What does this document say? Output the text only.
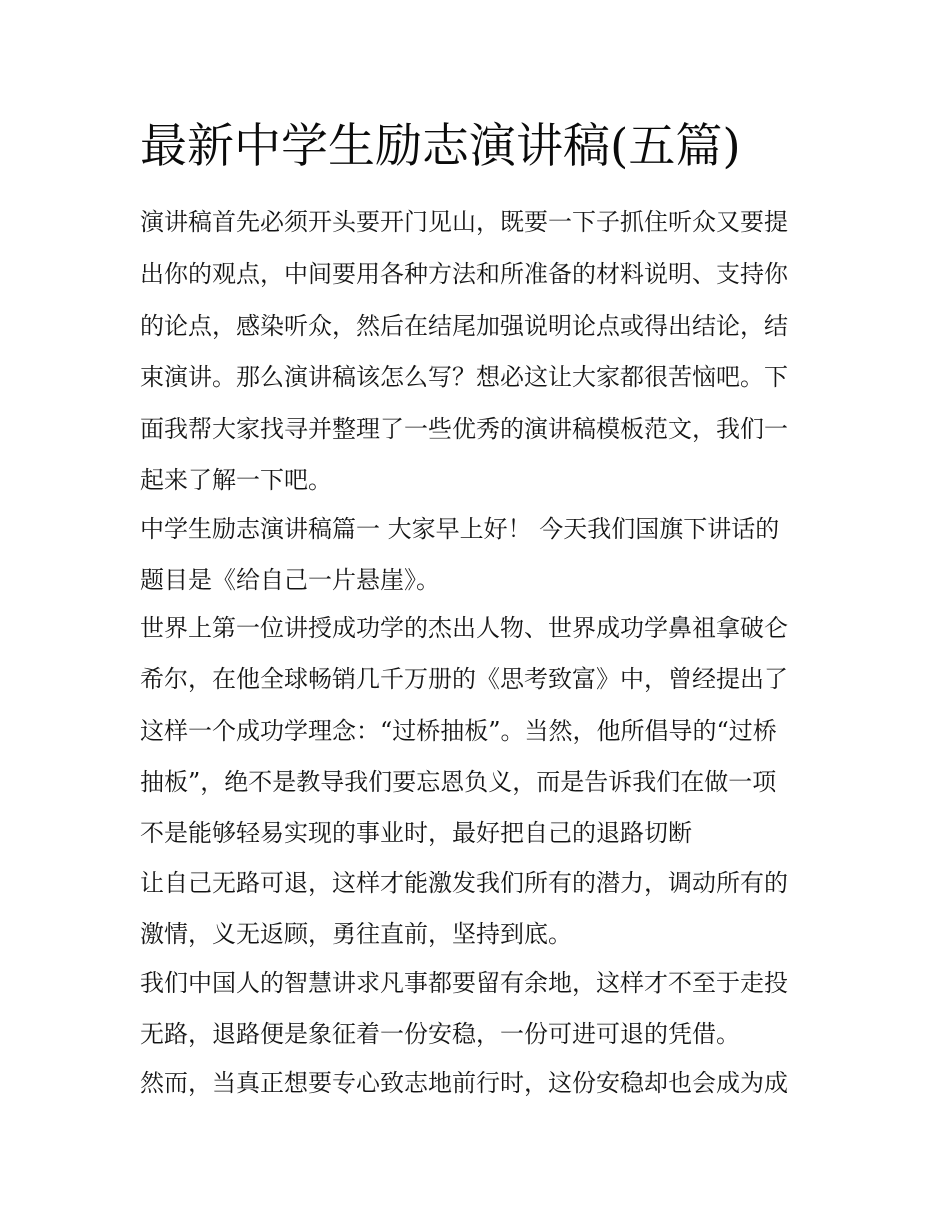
最新中学生励志演讲稿(五篇)
演讲稿首先必须开头要开门见山，既要一下子抓住听众又要提
出你的观点，中间要用各种方法和所准备的材料说明、支持你
的论点，感染听众，然后在结尾加强说明论点或得出结论，结
束演讲。那么演讲稿该怎么写？想必这让大家都很苦恼吧。下
面我帮大家找寻并整理了一些优秀的演讲稿模板范文，我们一
起来了解一下吧。
中学生励志演讲稿篇一 大家早上好！ 今天我们国旗下讲话的
题目是《给自己一片悬崖》。
世界上第一位讲授成功学的杰出人物、世界成功学鼻祖拿破仑
希尔，在他全球畅销几千万册的《思考致富》中，曾经提出了
这样一个成功学理念：“过桥抽板”。当然，他所倡导的“过桥
抽板”，绝不是教导我们要忘恩负义，而是告诉我们在做一项
不是能够轻易实现的事业时，最好把自己的退路切断
让自己无路可退，这样才能激发我们所有的潜力，调动所有的
激情，义无返顾，勇往直前，坚持到底。
我们中国人的智慧讲求凡事都要留有余地，这样才不至于走投
无路，退路便是象征着一份安稳，一份可进可退的凭借。
然而，当真正想要专心致志地前行时，这份安稳却也会成为成
